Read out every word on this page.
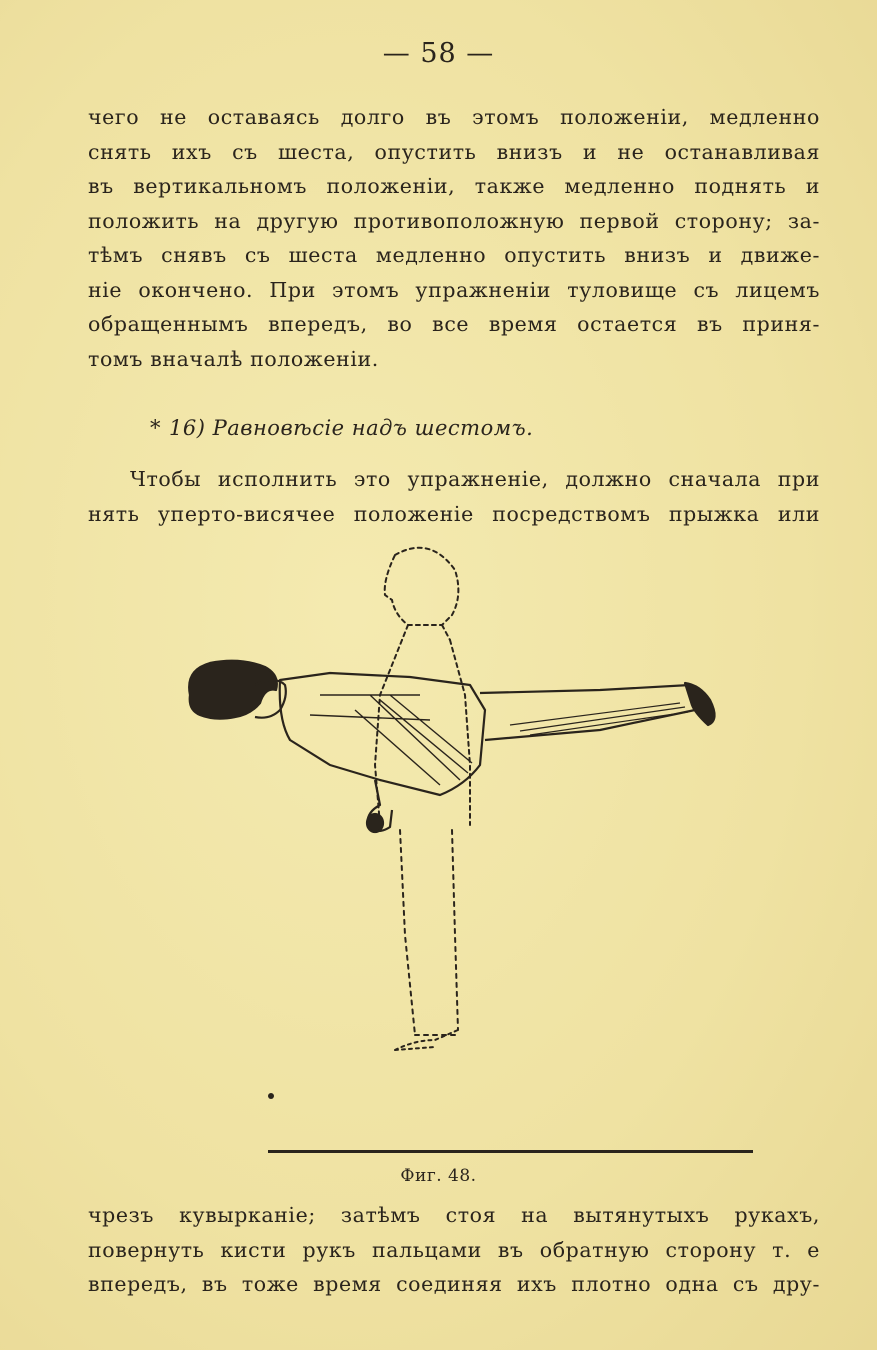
— 58 —
чего не оставаясь долго въ этомъ положенiи, медленно
снять ихъ съ шеста, опустить внизъ и не останавливая
въ вертикальномъ положенiи, также медленно поднять и
положить на другую противоположную первой сторону; за-
тѣмъ снявъ съ шеста медленно опустить внизъ и движе-
нiе окончено. При этомъ упражненiи туловище съ лицемъ
обращеннымъ впередъ, во все время остается въ приня-
томъ вначалѣ положенiи.
* 16) Равновѣсiе надъ шестомъ.
Чтобы исполнить это упражненiе, должно сначала при
нять уперто-висячее положенiе посредствомъ прыжка или
Фиг. 48.
чрезъ кувырканiе; затѣмъ стоя на вытянутыхъ рукахъ,
повернуть кисти рукъ пальцами въ обратную сторону т. е
впередъ, въ тоже время соединяя ихъ плотно одна съ дру-
